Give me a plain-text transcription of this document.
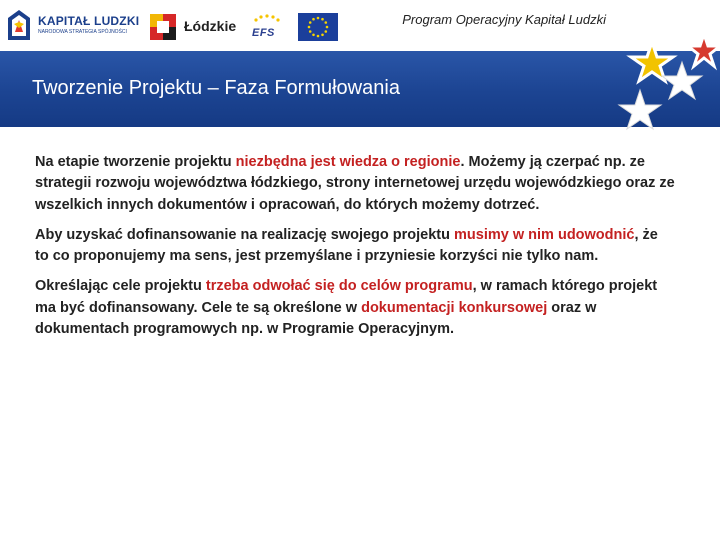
KAPITAŁ LUDZKI
NARODOWA STRATEGIA SPÓJNOŚCI	Łódzkie EFS
Program Operacyjny Kapitał Ludzki
Tworzenie Projektu – Faza Formułowania

Na etapie tworzenie projektu niezbędna jest wiedza o regionie. Możemy ją czerpać np. ze strategii rozwoju województwa łódzkiego, strony internetowej urzędu wojewódzkiego oraz ze wszelkich innych dokumentów i opracowań, do których możemy dotrzeć.

Aby uzyskać dofinansowanie na realizację swojego projektu musimy w nim udowodnić, że to co proponujemy ma sens, jest przemyślane i przyniesie korzyści nie tylko nam.

Określając cele projektu trzeba odwołać się do celów programu, w ramach którego projekt ma być dofinansowany. Cele te są określone w dokumentacji konkursowej oraz w dokumentach programowych np. w Programie Operacyjnym.
